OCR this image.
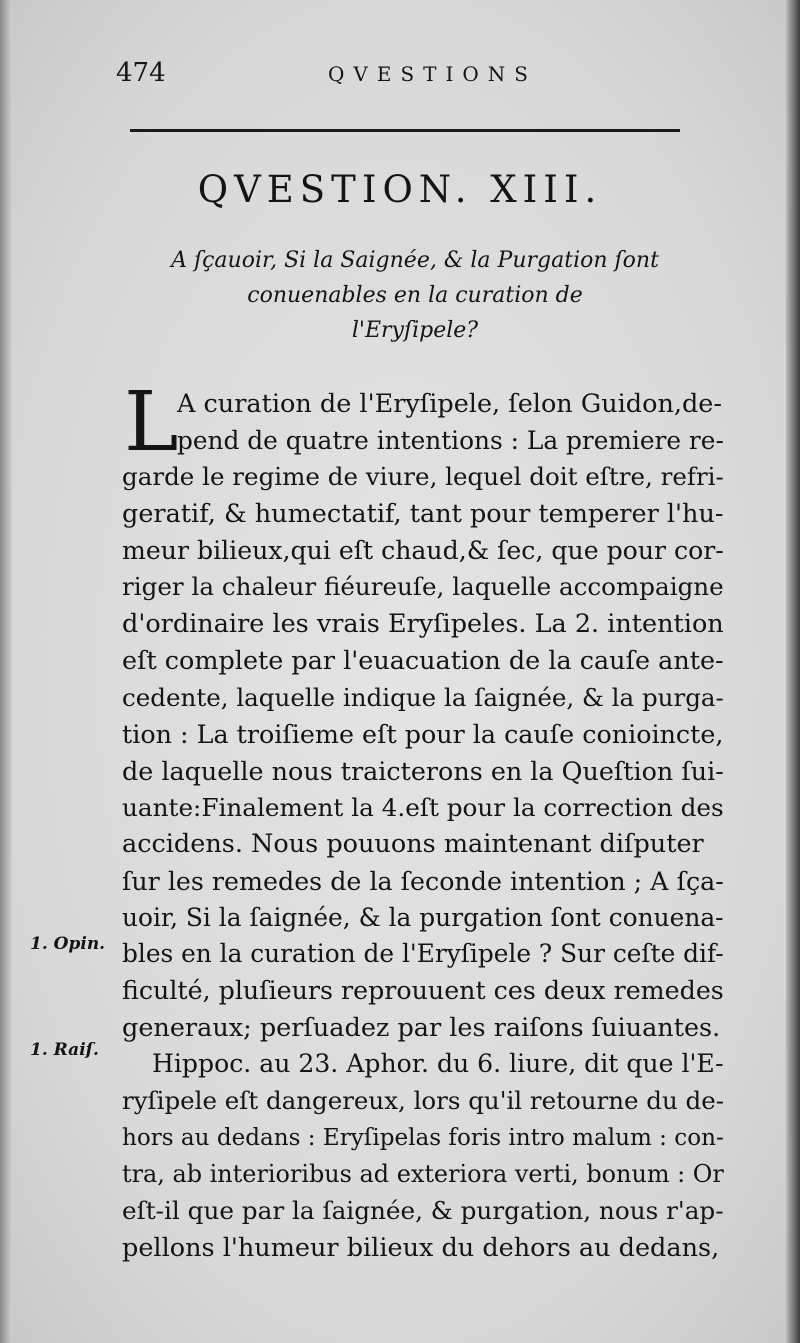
474	QVESTIONS
QVESTION. XIII.
A ſçauoir, Si la Saignée, & la Purgation ſont
conuenables en la curation de
l'Eryſipele?
L
A curation de l'Eryſipele, ſelon Guidon,de-
pend de quatre intentions : La premiere re-
garde le regime de viure, lequel doit eſtre, refri-
geratif, & humectatif, tant pour temperer l'hu-
meur bilieux,qui eſt chaud,& ſec, que pour cor-
riger la chaleur fiéureuſe, laquelle accompaigne
d'ordinaire les vrais Eryſipeles. La 2. intention
eſt complete par l'euacuation de la cauſe ante-
cedente, laquelle indique la ſaignée, & la purga-
tion : La troiſieme eſt pour la cauſe conioincte,
de laquelle nous traicterons en la Queſtion ſui-
uante:Finalement la 4.eſt pour la correction des
accidens. Nous pouuons maintenant diſputer
ſur les remedes de la ſeconde intention ; A ſça-
uoir, Si la ſaignée, & la purgation ſont conuena-
bles en la curation de l'Eryſipele ? Sur ceſte dif-
ficulté, pluſieurs reprouuent ces deux remedes
generaux; perſuadez par les raiſons ſuiuantes.
Hippoc. au 23. Aphor. du 6. liure, dit que l'E-
ryſipele eſt dangereux, lors qu'il retourne du de-
hors au dedans : Eryſipelas foris intro malum : con-
tra, ab interioribus ad exteriora verti, bonum : Or
eſt-il que par la ſaignée, & purgation, nous r'ap-
pellons l'humeur bilieux du dehors au dedans,
1. Opin.
1. Raiſ.
